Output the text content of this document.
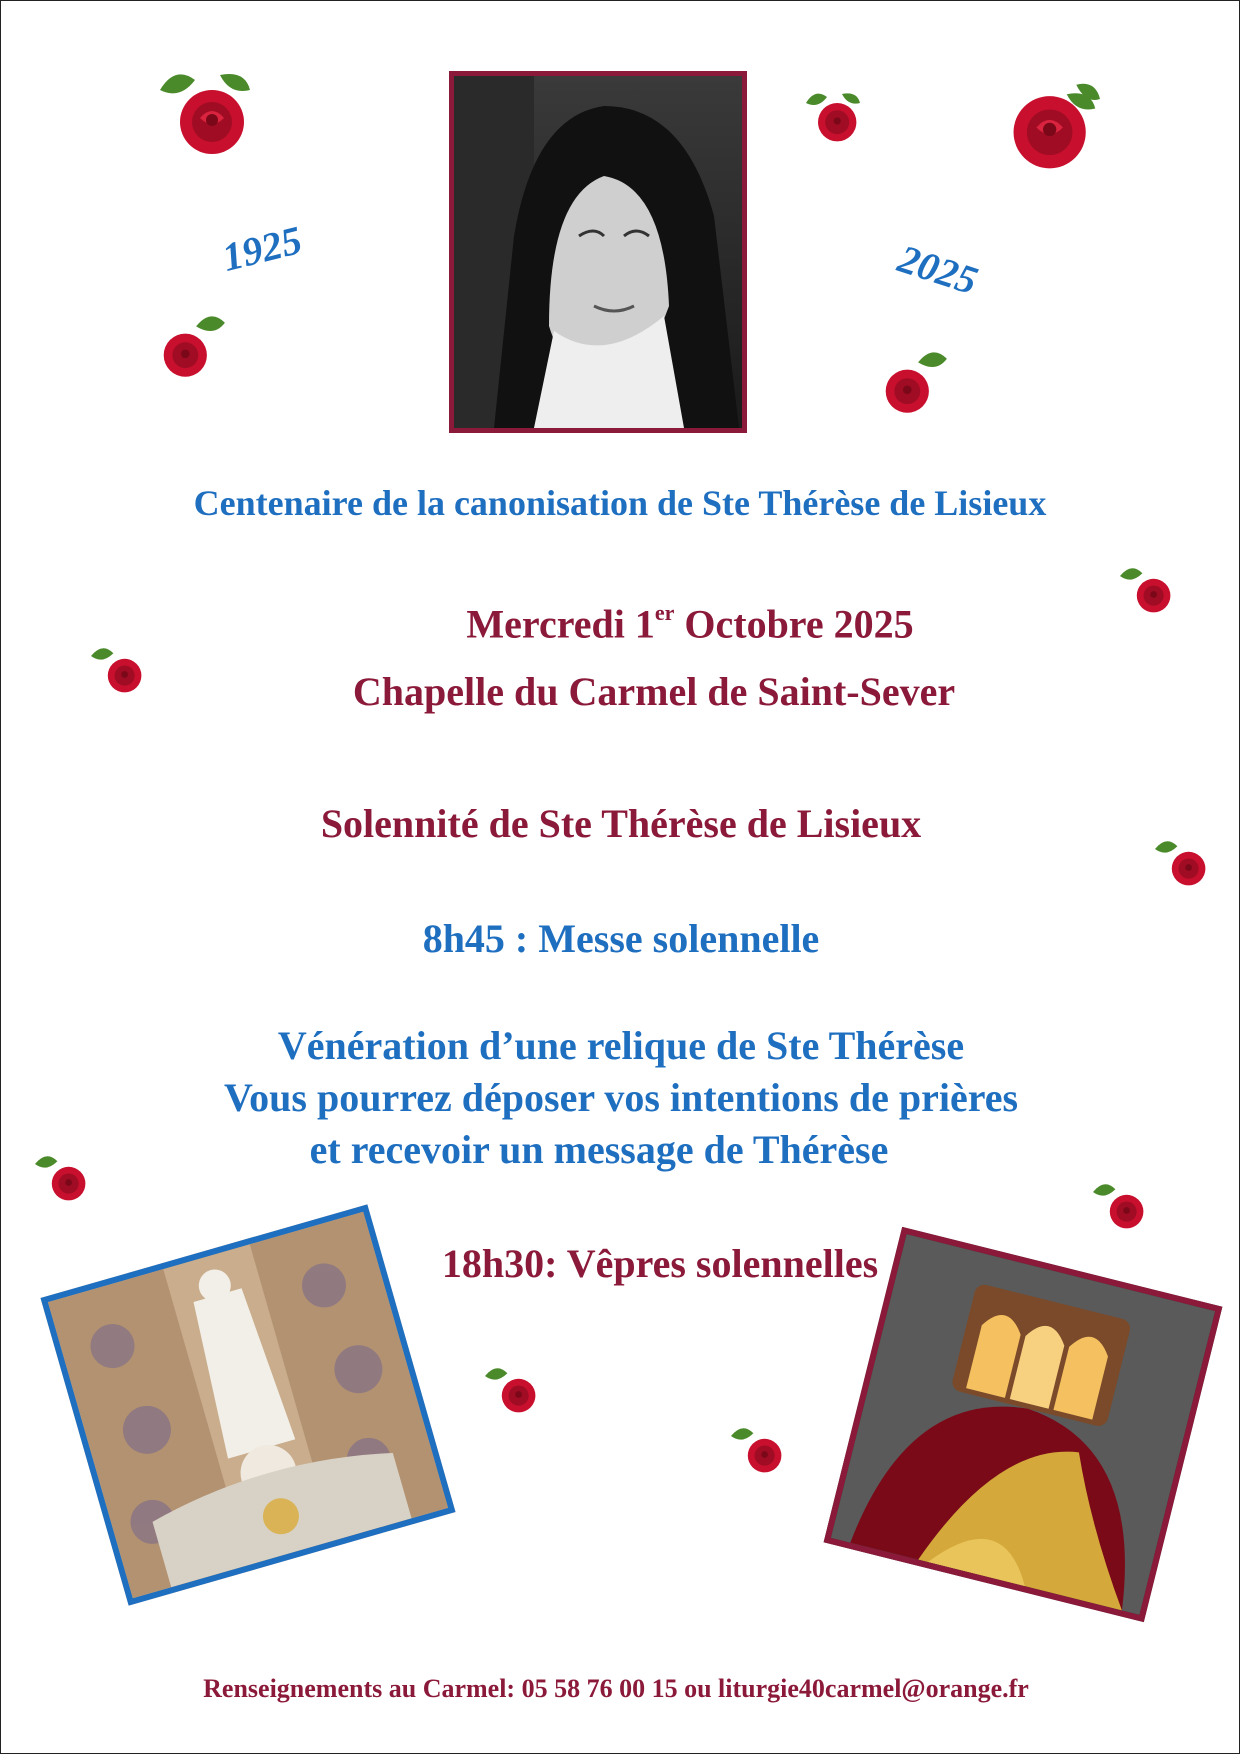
1925	2025
Centenaire de la canonisation de Ste Thérèse de Lisieux
Mercredi 1er Octobre 2025
Chapelle du Carmel de Saint-Sever
Solennité de Ste Thérèse de Lisieux
8h45 : Messe solennelle
Vénération d’une relique de Ste Thérèse
Vous pourrez déposer vos intentions de prières
et recevoir un message de Thérèse
18h30: Vêpres solennelles
Renseignements au Carmel: 05 58 76 00 15 ou liturgie40carmel@orange.fr
